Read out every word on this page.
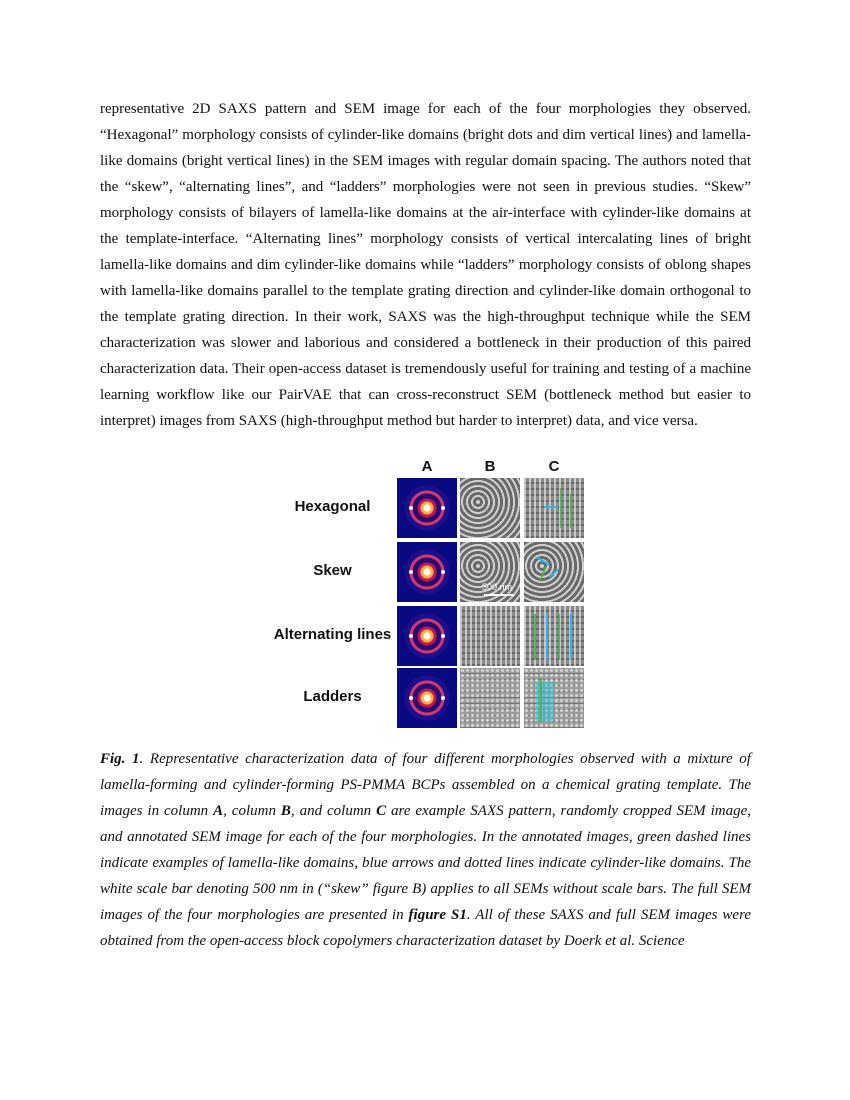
representative 2D SAXS pattern and SEM image for each of the four morphologies they observed. “Hexagonal” morphology consists of cylinder-like domains (bright dots and dim vertical lines) and lamella-like domains (bright vertical lines) in the SEM images with regular domain spacing. The authors noted that the “skew”, “alternating lines”, and “ladders” morphologies were not seen in previous studies. “Skew” morphology consists of bilayers of lamella-like domains at the air-interface with cylinder-like domains at the template-interface. “Alternating lines” morphology consists of vertical intercalating lines of bright lamella-like domains and dim cylinder-like domains while “ladders” morphology consists of oblong shapes with lamella-like domains parallel to the template grating direction and cylinder-like domain orthogonal to the template grating direction. In their work, SAXS was the high-throughput technique while the SEM characterization was slower and laborious and considered a bottleneck in their production of this paired characterization data. Their open-access dataset is tremendously useful for training and testing of a machine learning workflow like our PairVAE that can cross-reconstruct SEM (bottleneck method but easier to interpret) images from SAXS (high-throughput method but harder to interpret) data, and vice versa.
A	B	C
Hexagonal
Skew
500 nm
Alternating lines
Ladders
Fig. 1. Representative characterization data of four different morphologies observed with a mixture of lamella-forming and cylinder-forming PS-PMMA BCPs assembled on a chemical grating template. The images in column A, column B, and column C are example SAXS pattern, randomly cropped SEM image, and annotated SEM image for each of the four morphologies. In the annotated images, green dashed lines indicate examples of lamella-like domains, blue arrows and dotted lines indicate cylinder-like domains. The white scale bar denoting 500 nm in (“skew” figure B) applies to all SEMs without scale bars. The full SEM images of the four morphologies are presented in figure S1. All of these SAXS and full SEM images were obtained from the open-access block copolymers characterization dataset by Doerk et al. Science
